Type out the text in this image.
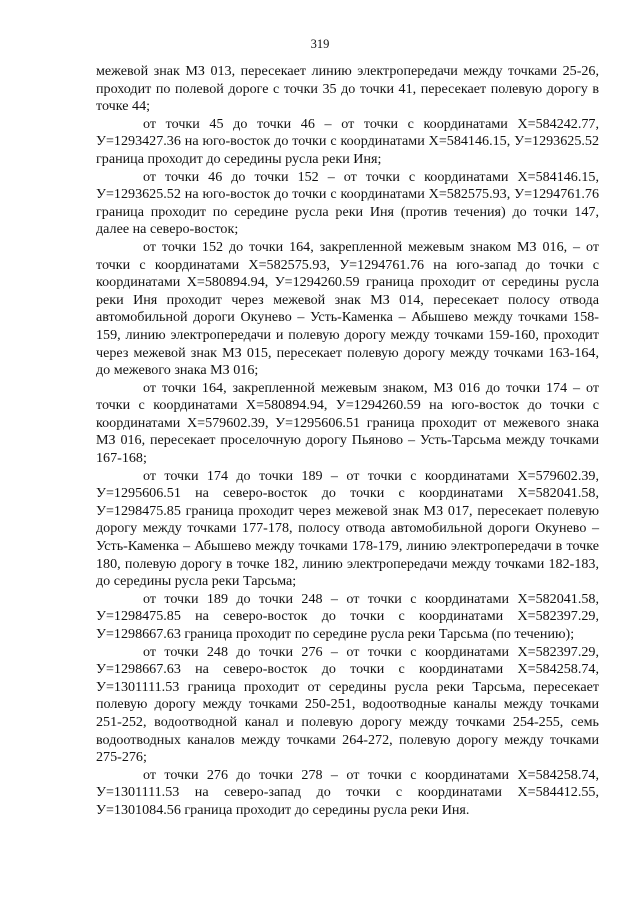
319

межевой знак МЗ 013, пересекает линию электропередачи между точками 25-26, проходит по полевой дороге с точки 35 до точки 41, пересекает полевую дорогу в точке 44;

от точки 45 до точки 46 – от точки с координатами X=584242.77, У=1293427.36 на юго-восток до точки с координатами X=584146.15, У=1293625.52 граница проходит до середины русла реки Иня;

от точки 46 до точки 152 – от точки с координатами X=584146.15, У=1293625.52 на юго-восток до точки с координатами X=582575.93, У=1294761.76 граница проходит по середине русла реки Иня (против течения) до точки 147, далее на северо-восток;

от точки 152 до точки 164, закрепленной межевым знаком МЗ 016, – от точки с координатами X=582575.93, У=1294761.76 на юго-запад до точки с координатами X=580894.94, У=1294260.59 граница проходит от середины русла реки Иня проходит через межевой знак МЗ 014, пересекает полосу отвода автомобильной дороги Окунево – Усть-Каменка – Абышево между точками 158-159, линию электропередачи и полевую дорогу между точками 159-160, проходит через межевой знак МЗ 015, пересекает полевую дорогу между точками 163-164, до межевого знака МЗ 016;

от точки 164, закрепленной межевым знаком, МЗ 016 до точки 174 – от точки с координатами X=580894.94, У=1294260.59 на юго-восток до точки с координатами X=579602.39, У=1295606.51 граница проходит от межевого знака МЗ 016, пересекает проселочную дорогу Пьяново – Усть-Тарсьма между точками 167-168;

от точки 174 до точки 189 – от точки с координатами X=579602.39, У=1295606.51 на северо-восток до точки с координатами X=582041.58, У=1298475.85 граница проходит через межевой знак МЗ 017, пересекает полевую дорогу между точками 177-178, полосу отвода автомобильной дороги Окунево – Усть-Каменка – Абышево между точками 178-179, линию электропередачи в точке 180, полевую дорогу в точке 182, линию электропередачи между точками 182-183, до середины русла реки Тарсьма;

от точки 189 до точки 248 – от точки с координатами X=582041.58, У=1298475.85 на северо-восток до точки с координатами X=582397.29, У=1298667.63 граница проходит по середине русла реки Тарсьма (по течению);

от точки 248 до точки 276 – от точки с координатами X=582397.29, У=1298667.63 на северо-восток до точки с координатами X=584258.74, У=1301111.53 граница проходит от середины русла реки Тарсьма, пересекает полевую дорогу между точками 250-251, водоотводные каналы между точками 251-252, водоотводной канал и полевую дорогу между точками 254-255, семь водоотводных каналов между точками 264-272, полевую дорогу между точками 275-276;

от точки 276 до точки 278 – от точки с координатами X=584258.74, У=1301111.53 на северо-запад до точки с координатами X=584412.55, У=1301084.56 граница проходит до середины русла реки Иня.
